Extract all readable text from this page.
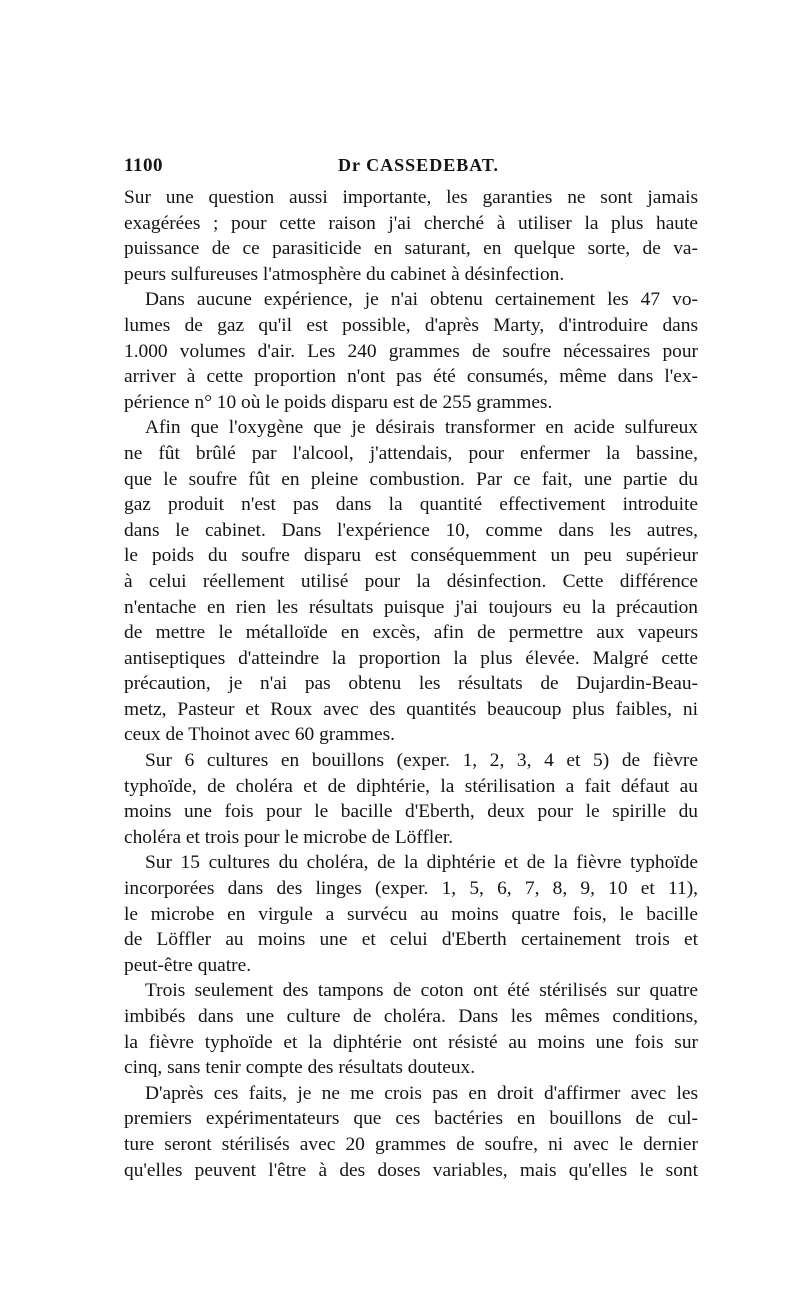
1100	Dr CASSEDEBAT.
Sur une question aussi importante, les garanties ne sont jamais
exagérées ; pour cette raison j'ai cherché à utiliser la plus haute
puissance de ce parasiticide en saturant, en quelque sorte, de va-
peurs sulfureuses l'atmosphère du cabinet à désinfection.
Dans aucune expérience, je n'ai obtenu certainement les 47 vo-
lumes de gaz qu'il est possible, d'après Marty, d'introduire dans
1.000 volumes d'air. Les 240 grammes de soufre nécessaires pour
arriver à cette proportion n'ont pas été consumés, même dans l'ex-
périence n° 10 où le poids disparu est de 255 grammes.
Afin que l'oxygène que je désirais transformer en acide sulfureux
ne fût brûlé par l'alcool, j'attendais, pour enfermer la bassine,
que le soufre fût en pleine combustion. Par ce fait, une partie du
gaz produit n'est pas dans la quantité effectivement introduite
dans le cabinet. Dans l'expérience 10, comme dans les autres,
le poids du soufre disparu est conséquemment un peu supérieur
à celui réellement utilisé pour la désinfection. Cette différence
n'entache en rien les résultats puisque j'ai toujours eu la précaution
de mettre le métalloïde en excès, afin de permettre aux vapeurs
antiseptiques d'atteindre la proportion la plus élevée. Malgré cette
précaution, je n'ai pas obtenu les résultats de Dujardin-Beau-
metz, Pasteur et Roux avec des quantités beaucoup plus faibles, ni
ceux de Thoinot avec 60 grammes.
Sur 6 cultures en bouillons (exper. 1, 2, 3, 4 et 5) de fièvre
typhoïde, de choléra et de diphtérie, la stérilisation a fait défaut au
moins une fois pour le bacille d'Eberth, deux pour le spirille du
choléra et trois pour le microbe de Löffler.
Sur 15 cultures du choléra, de la diphtérie et de la fièvre typhoïde
incorporées dans des linges (exper. 1, 5, 6, 7, 8, 9, 10 et 11),
le microbe en virgule a survécu au moins quatre fois, le bacille
de Löffler au moins une et celui d'Eberth certainement trois et
peut-être quatre.
Trois seulement des tampons de coton ont été stérilisés sur quatre
imbibés dans une culture de choléra. Dans les mêmes conditions,
la fièvre typhoïde et la diphtérie ont résisté au moins une fois sur
cinq, sans tenir compte des résultats douteux.
D'après ces faits, je ne me crois pas en droit d'affirmer avec les
premiers expérimentateurs que ces bactéries en bouillons de cul-
ture seront stérilisés avec 20 grammes de soufre, ni avec le dernier
qu'elles peuvent l'être à des doses variables, mais qu'elles le sont
